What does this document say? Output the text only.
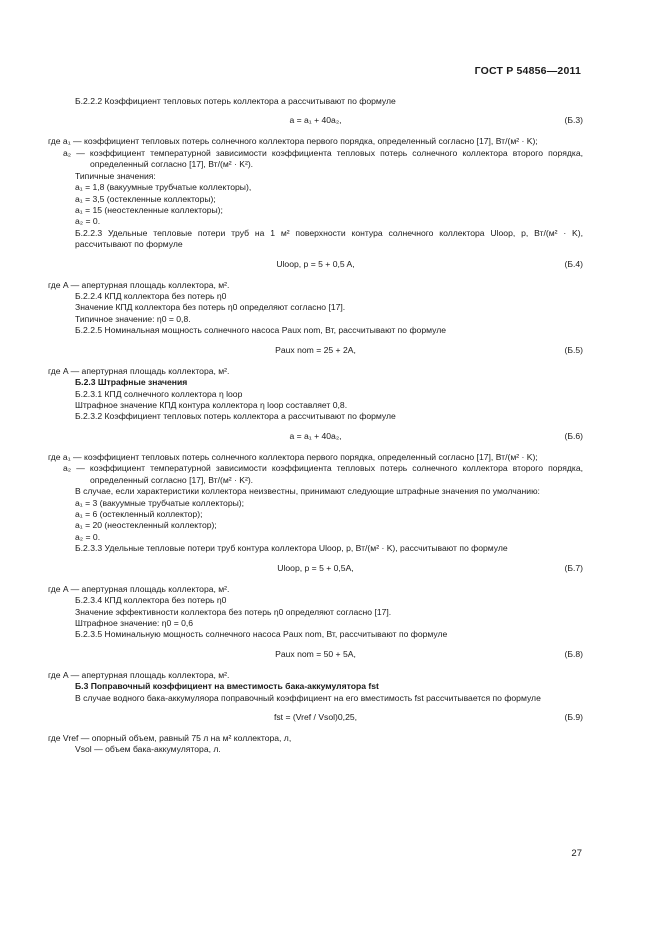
ГОСТ Р 54856—2011

Б.2.2.2 Коэффициент тепловых потерь коллектора a рассчитывают по формуле

a = a₁ + 40a₂,	(Б.3)

где a₁ — коэффициент тепловых потерь солнечного коллектора первого порядка, определенный согласно [17], Вт/(м² · K);

a₂ — коэффициент температурной зависимости коэффициента тепловых потерь солнечного коллектора второго порядка, определенный согласно [17], Вт/(м² · K²).

Типичные значения:

a₁ = 1,8 (вакуумные трубчатые коллекторы),

a₁ = 3,5 (остекленные коллекторы);

a₁ = 15 (неостекленные коллекторы);

a₂ = 0.

Б.2.2.3 Удельные тепловые потери труб на 1 м² поверхности контура солнечного коллектора Uloop, p, Вт/(м² · K), рассчитывают по формуле

Uloop, p = 5 + 0,5 A,	(Б.4)

где A — апертурная площадь коллектора, м².

Б.2.2.4 КПД коллектора без потерь η0

Значение КПД коллектора без потерь η0 определяют согласно [17].

Типичное значение: η0 = 0,8.

Б.2.2.5 Номинальная мощность солнечного насоса Paux nom, Вт, рассчитывают по формуле

Paux nom = 25 + 2A,	(Б.5)

где A — апертурная площадь коллектора, м².

Б.2.3 Штрафные значения

Б.2.3.1 КПД солнечного коллектора η loop

Штрафное значение КПД контура коллектора η loop составляет 0,8.

Б.2.3.2 Коэффициент тепловых потерь коллектора a рассчитывают по формуле

a = a₁ + 40a₂,	(Б.6)

где a₁ — коэффициент тепловых потерь солнечного коллектора первого порядка, определенный согласно [17], Вт/(м² · K);

a₂ — коэффициент температурной зависимости коэффициента тепловых потерь солнечного коллектора второго порядка, определенный согласно [17], Вт/(м² · K²).

В случае, если характеристики коллектора неизвестны, принимают следующие штрафные значения по умолчанию:

a₁ = 3 (вакуумные трубчатые коллекторы);

a₁ = 6 (остекленный коллектор);

a₁ = 20 (неостекленный коллектор);

a₂ = 0.

Б.2.3.3 Удельные тепловые потери труб контура коллектора Uloop, p, Вт/(м² · K), рассчитывают по формуле

Uloop, p = 5 + 0,5A,	(Б.7)

где A — апертурная площадь коллектора, м².

Б.2.3.4 КПД коллектора без потерь η0

Значение эффективности коллектора без потерь η0 определяют согласно [17].

Штрафное значение: η0 = 0,6

Б.2.3.5 Номинальную мощность солнечного насоса Paux nom, Вт, рассчитывают по формуле

Paux nom = 50 + 5A,	(Б.8)

где A — апертурная площадь коллектора, м².

Б.3 Поправочный коэффициент на вместимость бака-аккумулятора fst

В случае водного бака-аккумуляора поправочный коэффициент на его вместимость fst рассчитывается по формуле

fst = (Vref / Vsol)0,25,	(Б.9)

где Vref — опорный объем, равный 75 л на м² коллектора, л,

Vsol — объем бака-аккумулятора, л.

27
